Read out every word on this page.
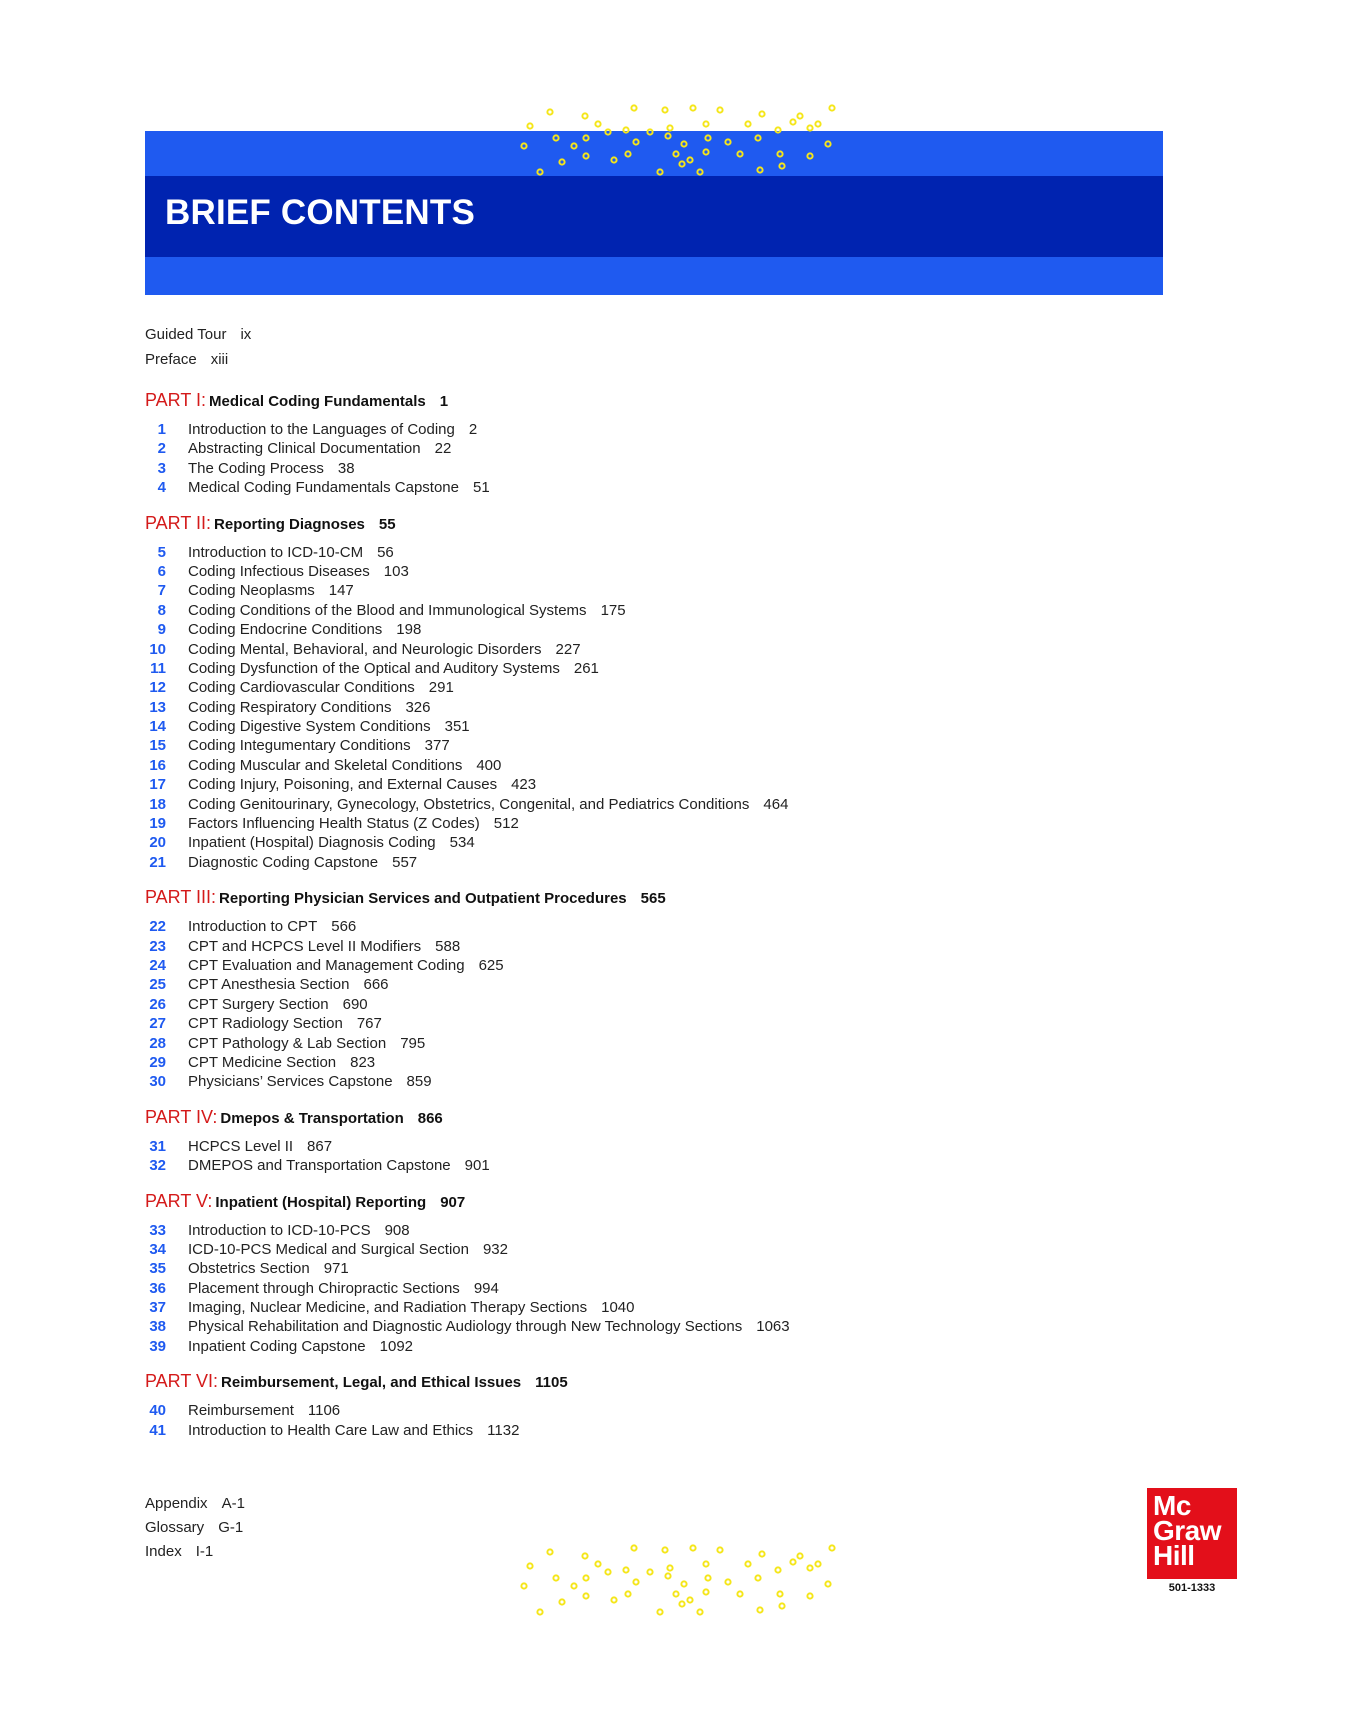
BRIEF CONTENTS
Guided Tour ix
Preface xiii
PART I: Medical Coding Fundamentals 1
1 Introduction to the Languages of Coding 2
2 Abstracting Clinical Documentation 22
3 The Coding Process 38
4 Medical Coding Fundamentals Capstone 51
PART II: Reporting Diagnoses 55
5 Introduction to ICD-10-CM 56
6 Coding Infectious Diseases 103
7 Coding Neoplasms 147
8 Coding Conditions of the Blood and Immunological Systems 175
9 Coding Endocrine Conditions 198
10 Coding Mental, Behavioral, and Neurologic Disorders 227
11 Coding Dysfunction of the Optical and Auditory Systems 261
12 Coding Cardiovascular Conditions 291
13 Coding Respiratory Conditions 326
14 Coding Digestive System Conditions 351
15 Coding Integumentary Conditions 377
16 Coding Muscular and Skeletal Conditions 400
17 Coding Injury, Poisoning, and External Causes 423
18 Coding Genitourinary, Gynecology, Obstetrics, Congenital, and Pediatrics Conditions 464
19 Factors Influencing Health Status (Z Codes) 512
20 Inpatient (Hospital) Diagnosis Coding 534
21 Diagnostic Coding Capstone 557
PART III: Reporting Physician Services and Outpatient Procedures 565
22 Introduction to CPT 566
23 CPT and HCPCS Level II Modifiers 588
24 CPT Evaluation and Management Coding 625
25 CPT Anesthesia Section 666
26 CPT Surgery Section 690
27 CPT Radiology Section 767
28 CPT Pathology & Lab Section 795
29 CPT Medicine Section 823
30 Physicians’ Services Capstone 859
PART IV: Dmepos & Transportation 866
31 HCPCS Level II 867
32 DMEPOS and Transportation Capstone 901
PART V: Inpatient (Hospital) Reporting 907
33 Introduction to ICD-10-PCS 908
34 ICD-10-PCS Medical and Surgical Section 932
35 Obstetrics Section 971
36 Placement through Chiropractic Sections 994
37 Imaging, Nuclear Medicine, and Radiation Therapy Sections 1040
38 Physical Rehabilitation and Diagnostic Audiology through New Technology Sections 1063
39 Inpatient Coding Capstone 1092
PART VI: Reimbursement, Legal, and Ethical Issues 1105
40 Reimbursement 1106
41 Introduction to Health Care Law and Ethics 1132
Appendix A-1
Glossary G-1
Index I-1
Mc
Graw
Hill
501-1333
